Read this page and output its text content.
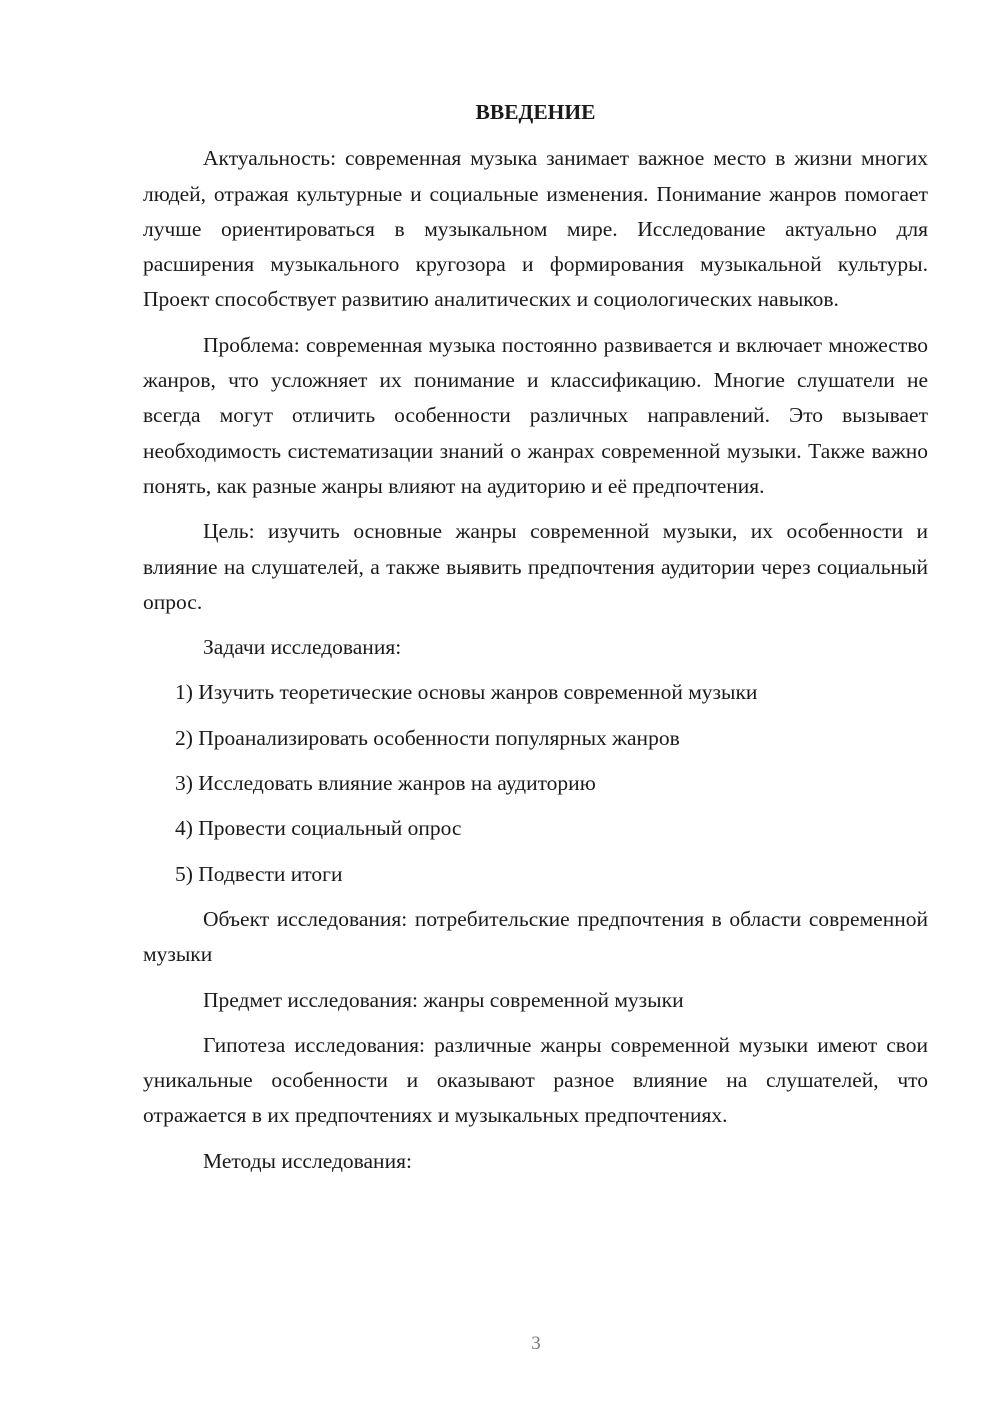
ВВЕДЕНИЕ

Актуальность: современная музыка занимает важное место в жизни многих людей, отражая культурные и социальные изменения. Понимание жанров помогает лучше ориентироваться в музыкальном мире. Исследование актуально для расширения музыкального кругозора и формирования музыкальной культуры. Проект способствует развитию аналитических и социологических навыков.

Проблема: современная музыка постоянно развивается и включает множество жанров, что усложняет их понимание и классификацию. Многие слушатели не всегда могут отличить особенности различных направлений. Это вызывает необходимость систематизации знаний о жанрах современной музыки. Также важно понять, как разные жанры влияют на аудиторию и её предпочтения.

Цель: изучить основные жанры современной музыки, их особенности и влияние на слушателей, а также выявить предпочтения аудитории через социальный опрос.

Задачи исследования:

1) Изучить теоретические основы жанров современной музыки
2) Проанализировать особенности популярных жанров
3) Исследовать влияние жанров на аудиторию
4) Провести социальный опрос
5) Подвести итоги

Объект исследования: потребительские предпочтения в области современной музыки

Предмет исследования: жанры современной музыки

Гипотеза исследования: различные жанры современной музыки имеют свои уникальные особенности и оказывают разное влияние на слушателей, что отражается в их предпочтениях и музыкальных предпочтениях.

Методы исследования:

3
